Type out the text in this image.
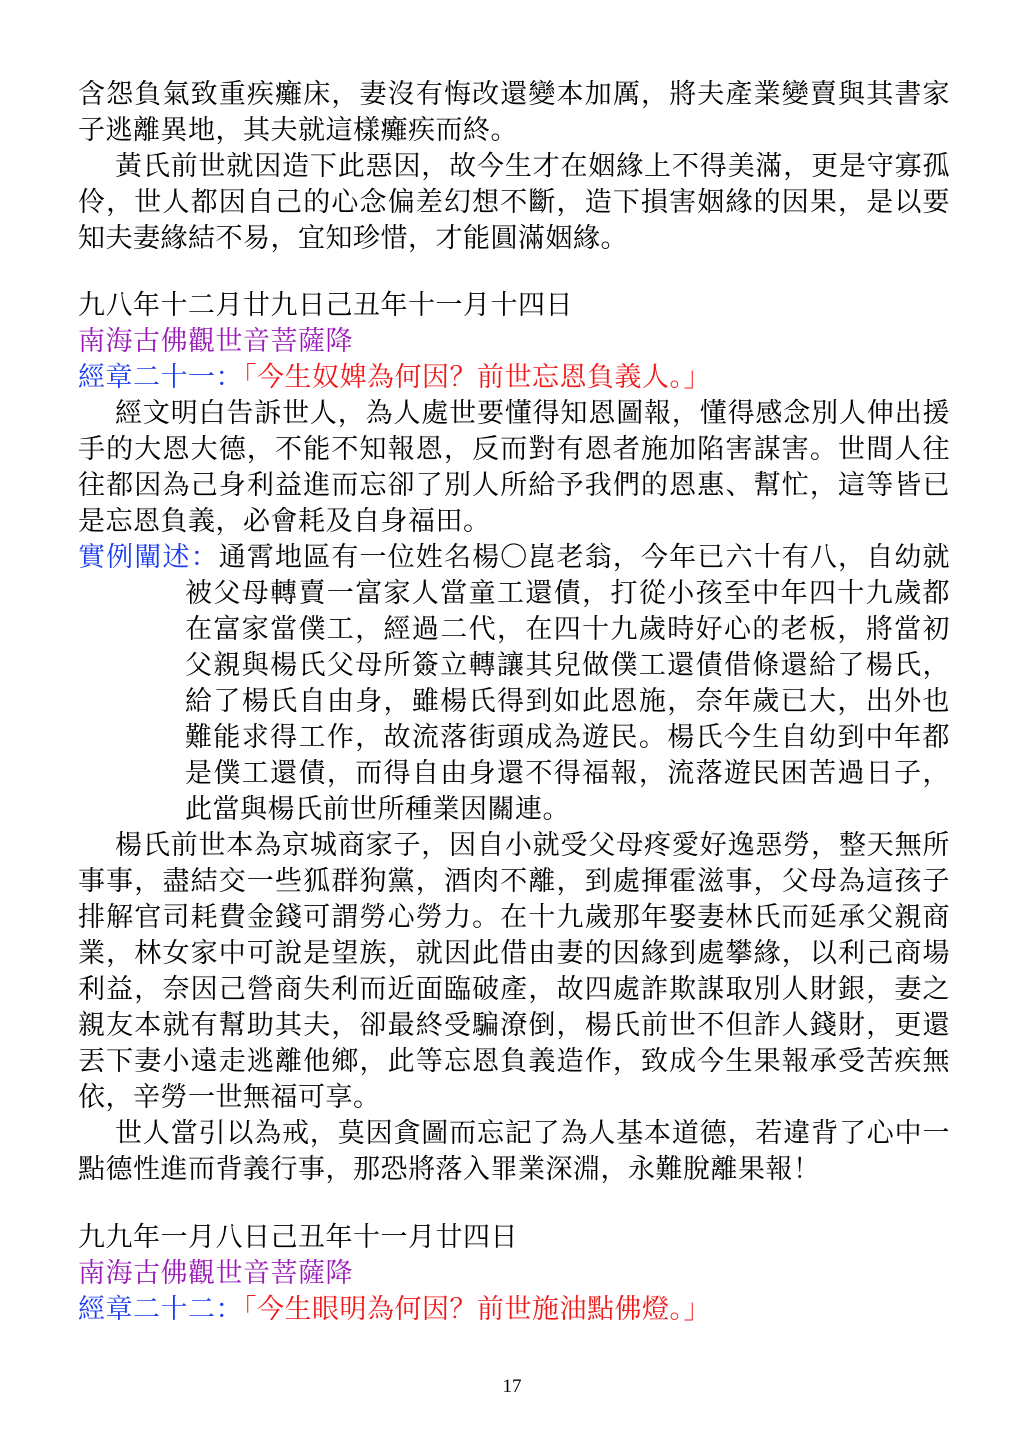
含怨負氣致重疾癱床，妻沒有悔改還變本加厲，將夫產業變賣與其書家
子逃離異地，其夫就這樣癱疾而終。
黃氏前世就因造下此惡因，故今生才在姻緣上不得美滿，更是守寡孤
伶，世人都因自己的心念偏差幻想不斷，造下損害姻緣的因果，是以要
知夫妻緣結不易，宜知珍惜，才能圓滿姻緣。
九八年十二月廿九日己丑年十一月十四日
南海古佛觀世音菩薩降
經章二十一：「今生奴婢為何因？前世忘恩負義人。」
經文明白告訴世人，為人處世要懂得知恩圖報，懂得感念別人伸出援
手的大恩大德，不能不知報恩，反而對有恩者施加陷害謀害。世間人往
往都因為己身利益進而忘卻了別人所給予我們的恩惠、幫忙，這等皆已
是忘恩負義，必會耗及自身福田。
實例闡述：通霄地區有一位姓名楊〇崑老翁，今年已六十有八，自幼就
被父母轉賣一富家人當童工還債，打從小孩至中年四十九歲都
在富家當僕工，經過二代，在四十九歲時好心的老板，將當初
父親與楊氏父母所簽立轉讓其兒做僕工還債借條還給了楊氏，
給了楊氏自由身，雖楊氏得到如此恩施，奈年歲已大，出外也
難能求得工作，故流落街頭成為遊民。楊氏今生自幼到中年都
是僕工還債，而得自由身還不得福報，流落遊民困苦過日子，
此當與楊氏前世所種業因關連。
楊氏前世本為京城商家子，因自小就受父母疼愛好逸惡勞，整天無所
事事，盡結交一些狐群狗黨，酒肉不離，到處揮霍滋事，父母為這孩子
排解官司耗費金錢可謂勞心勞力。在十九歲那年娶妻林氏而延承父親商
業，林女家中可說是望族，就因此借由妻的因緣到處攀緣，以利己商場
利益，奈因己營商失利而近面臨破產，故四處詐欺謀取別人財銀，妻之
親友本就有幫助其夫，卻最終受騙潦倒，楊氏前世不但詐人錢財，更還
丟下妻小遠走逃離他鄉，此等忘恩負義造作，致成今生果報承受苦疾無
依，辛勞一世無福可享。
世人當引以為戒，莫因貪圖而忘記了為人基本道德，若違背了心中一
點德性進而背義行事，那恐將落入罪業深淵，永難脫離果報！
九九年一月八日己丑年十一月廿四日
南海古佛觀世音菩薩降
經章二十二：「今生眼明為何因？前世施油點佛燈。」
17
